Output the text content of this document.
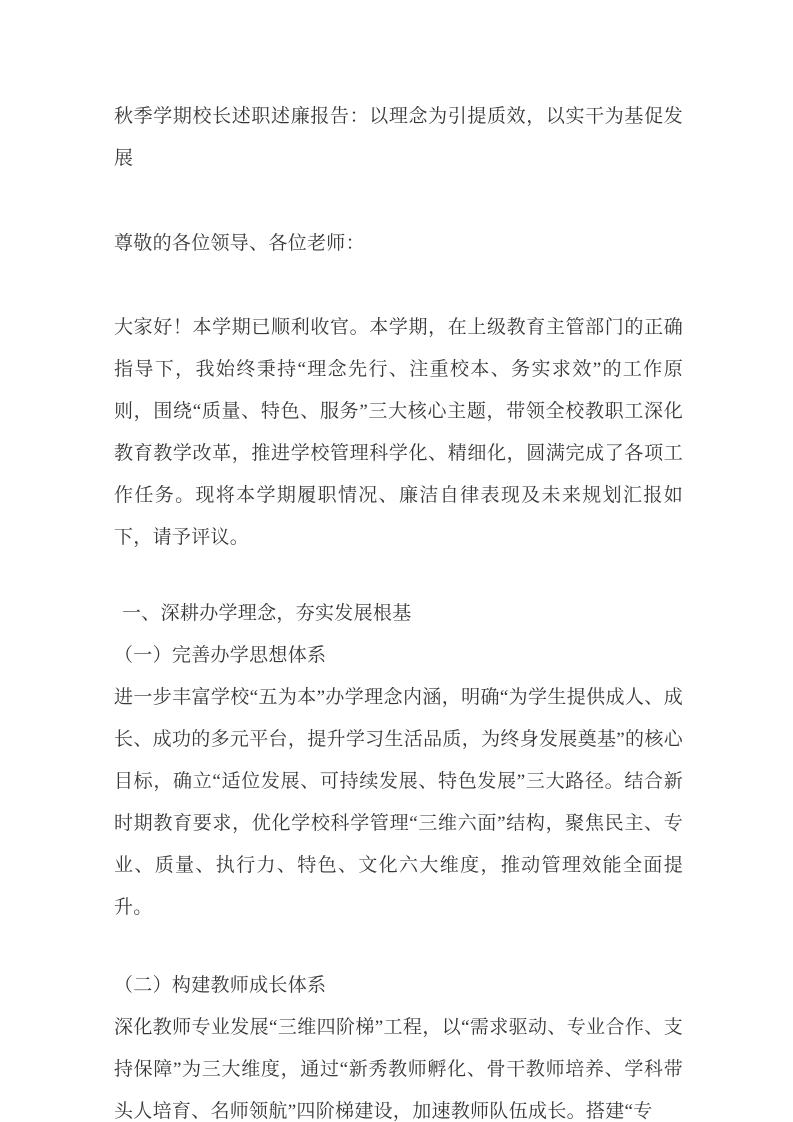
秋季学期校长述职述廉报告：以理念为引提质效，以实干为基促发展

尊敬的各位领导、各位老师：

大家好！本学期已顺利收官。本学期，在上级教育主管部门的正确指导下，我始终秉持“理念先行、注重校本、务实求效”的工作原则，围绕“质量、特色、服务”三大核心主题，带领全校教职工深化教育教学改革，推进学校管理科学化、精细化，圆满完成了各项工作任务。现将本学期履职情况、廉洁自律表现及未来规划汇报如下，请予评议。

一、深耕办学理念，夯实发展根基

（一）完善办学思想体系

进一步丰富学校“五为本”办学理念内涵，明确“为学生提供成人、成长、成功的多元平台，提升学习生活品质，为终身发展奠基”的核心目标，确立“适位发展、可持续发展、特色发展”三大路径。结合新时期教育要求，优化学校科学管理“三维六面”结构，聚焦民主、专业、质量、执行力、特色、文化六大维度，推动管理效能全面提升。

（二）构建教师成长体系

深化教师专业发展“三维四阶梯”工程，以“需求驱动、专业合作、支持保障”为三大维度，通过“新秀教师孵化、骨干教师培养、学科带头人培育、名师领航”四阶梯建设，加速教师队伍成长。搭建“专
